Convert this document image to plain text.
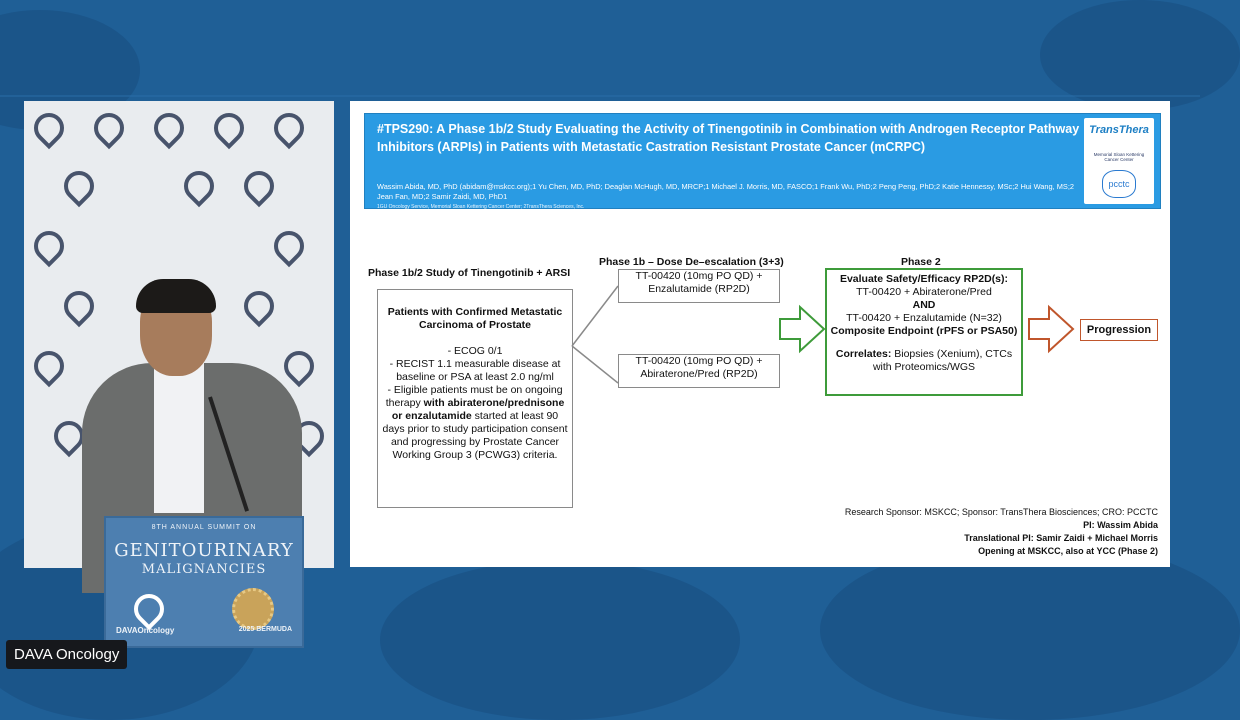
8TH ANNUAL SUMMIT ON
GENITOURINARY
MALIGNANCIES
DAVAOncology	2025 BERMUDA
#TPS290: A Phase 1b/2 Study Evaluating the Activity of Tinengotinib in Combination with Androgen Receptor Pathway Inhibitors (ARPIs) in Patients with Metastatic Castration Resistant Prostate Cancer (mCRPC)
Wassim Abida, MD, PhD (abidam@mskcc.org);1 Yu Chen, MD, PhD; Deaglan McHugh, MD, MRCP;1 Michael J. Morris, MD, FASCO;1 Frank Wu, PhD;2 Peng Peng, PhD;2 Katie Hennessy, MSc;2 Hui Wang, MS;2 Jean Fan, MD;2 Samir Zaidi, MD, PhD1
1GU Oncology Service, Memorial Sloan Kettering Cancer Center; 2TransThera Sciences, Inc.
TransThera
Memorial Sloan Kettering Cancer Center
pcctc
Phase 1b/2 Study of Tinengotinib + ARSI
Phase 1b – Dose De–escalation (3+3)	Phase 2
Patients with Confirmed Metastatic Carcinoma of Prostate
- ECOG 0/1
- RECIST 1.1 measurable disease at baseline or PSA at least 2.0 ng/ml
- Eligible patients must be on ongoing therapy with abiraterone/prednisone or enzalutamide started at least 90 days prior to study participation consent and progressing by Prostate Cancer Working Group 3 (PCWG3) criteria.
TT-00420 (10mg PO QD) + Enzalutamide (RP2D)
TT-00420 (10mg PO QD) + Abiraterone/Pred (RP2D)
Evaluate Safety/Efficacy RP2D(s):
TT-00420 + Abiraterone/Pred
AND
TT-00420 + Enzalutamide (N=32)
Composite Endpoint (rPFS or PSA50)
Correlates: Biopsies (Xenium), CTCs with Proteomics/WGS
Progression
Research Sponsor: MSKCC; Sponsor: TransThera Biosciences; CRO: PCCTC
PI: Wassim Abida
Translational PI: Samir Zaidi + Michael Morris
Opening at MSKCC, also at YCC (Phase 2)
DAVA Oncology
